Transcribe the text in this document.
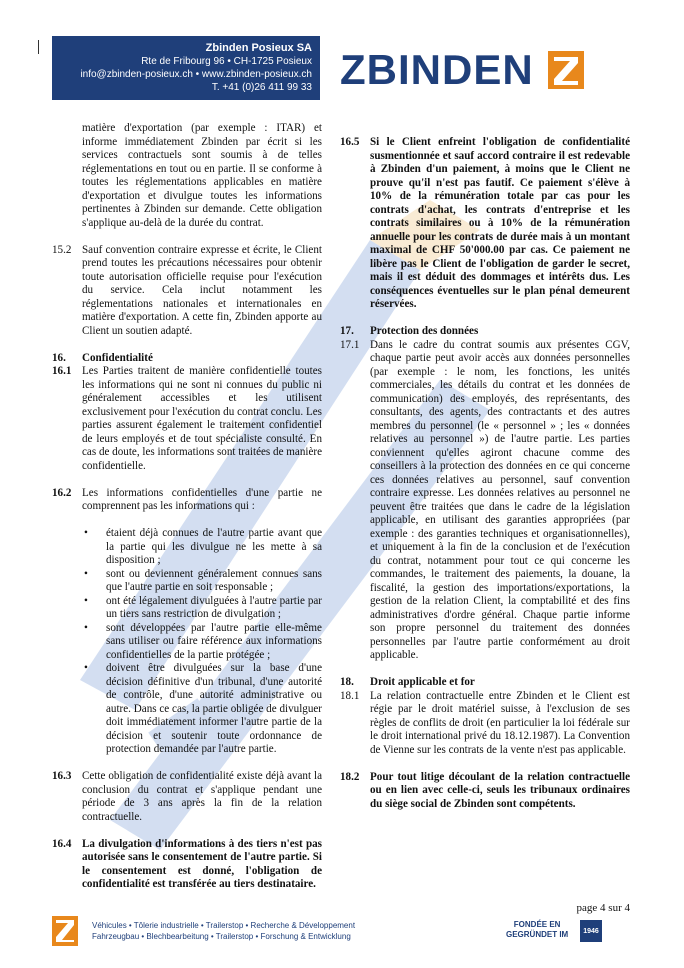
Zbinden Posieux SA
Rte de Fribourg 96 • CH-1725 Posieux
info@zbinden-posieux.ch • www.zbinden-posieux.ch
T. +41 (0)26 411 99 33 ZBINDEN
matière d'exportation (par exemple : ITAR) et informe immédiatement Zbinden par écrit si les services contractuels sont soumis à de telles réglementations en tout ou en partie. Il se conforme à toutes les réglementations applicables en matière d'exportation et divulgue toutes les informations pertinentes à Zbinden sur demande. Cette obligation s'applique au-delà de la durée du contrat.
15.2 Sauf convention contraire expresse et écrite, le Client prend toutes les précautions nécessaires pour obtenir toute autorisation officielle requise pour l'exécution du service. Cela inclut notamment les réglementations nationales et internationales en matière d'exportation. A cette fin, Zbinden apporte au Client un soutien adapté.
16. Confidentialité
16.1 Les Parties traitent de manière confidentielle toutes les informations qui ne sont ni connues du public ni généralement accessibles et les utilisent exclusivement pour l'exécution du contrat conclu. Les parties assurent également le traitement confidentiel de leurs employés et de tout spécialiste consulté. En cas de doute, les informations sont traitées de manière confidentielle.
16.2 Les informations confidentielles d'une partie ne comprennent pas les informations qui :
• étaient déjà connues de l'autre partie avant que la partie qui les divulgue ne les mette à sa disposition ;
• sont ou deviennent généralement connues sans que l'autre partie en soit responsable ;
• ont été légalement divulguées à l'autre partie par un tiers sans restriction de divulgation ;
• sont développées par l'autre partie elle-même sans utiliser ou faire référence aux informations confidentielles de la partie protégée ;
• doivent être divulguées sur la base d'une décision définitive d'un tribunal, d'une autorité de contrôle, d'une autorité administrative ou autre. Dans ce cas, la partie obligée de divulguer doit immédiatement informer l'autre partie de la décision et soutenir toute ordonnance de protection demandée par l'autre partie.
16.3 Cette obligation de confidentialité existe déjà avant la conclusion du contrat et s'applique pendant une période de 3 ans après la fin de la relation contractuelle.
16.4 La divulgation d'informations à des tiers n'est pas autorisée sans le consentement de l'autre partie. Si le consentement est donné, l'obligation de confidentialité est transférée au tiers destinataire.
16.5 Si le Client enfreint l'obligation de confidentialité susmentionnée et sauf accord contraire il est redevable à Zbinden d'un paiement, à moins que le Client ne prouve qu'il n'est pas fautif. Ce paiement s'élève à 10% de la rémunération totale par cas pour les contrats d'achat, les contrats d'entreprise et les contrats similaires ou à 10% de la rémunération annuelle pour les contrats de durée mais à un montant maximal de CHF 50'000.00 par cas. Ce paiement ne libère pas le Client de l'obligation de garder le secret, mais il est déduit des dommages et intérêts dus. Les conséquences éventuelles sur le plan pénal demeurent réservées.
17. Protection des données
17.1 Dans le cadre du contrat soumis aux présentes CGV, chaque partie peut avoir accès aux données personnelles (par exemple : le nom, les fonctions, les unités commerciales, les détails du contrat et les données de communication) des employés, des représentants, des consultants, des agents, des contractants et des autres membres du personnel (le « personnel » ; les « données relatives au personnel ») de l'autre partie. Les parties conviennent qu'elles agiront chacune comme des conseillers à la protection des données en ce qui concerne ces données relatives au personnel, sauf convention contraire expresse. Les données relatives au personnel ne peuvent être traitées que dans le cadre de la législation applicable, en utilisant des garanties appropriées (par exemple : des garanties techniques et organisationnelles), et uniquement à la fin de la conclusion et de l'exécution du contrat, notamment pour tout ce qui concerne les commandes, le traitement des paiements, la douane, la fiscalité, la gestion des importations/exportations, la gestion de la relation Client, la comptabilité et des fins administratives d'ordre général. Chaque partie informe son propre personnel du traitement des données personnelles par l'autre partie conformément au droit applicable.
18. Droit applicable et for
18.1 La relation contractuelle entre Zbinden et le Client est régie par le droit matériel suisse, à l'exclusion de ses règles de conflits de droit (en particulier la loi fédérale sur le droit international privé du 18.12.1987). La Convention de Vienne sur les contrats de la vente n'est pas applicable.
18.2 Pour tout litige découlant de la relation contractuelle ou en lien avec celle-ci, seuls les tribunaux ordinaires du siège social de Zbinden sont compétents.
page 4 sur 4
Véhicules • Tôlerie industrielle • Trailerstop • Recherche & Développement
Fahrzeugbau • Blechbearbeitung • Trailerstop • Forschung & Entwicklung
FONDÉE EN
GEGRÜNDET IM	1946
